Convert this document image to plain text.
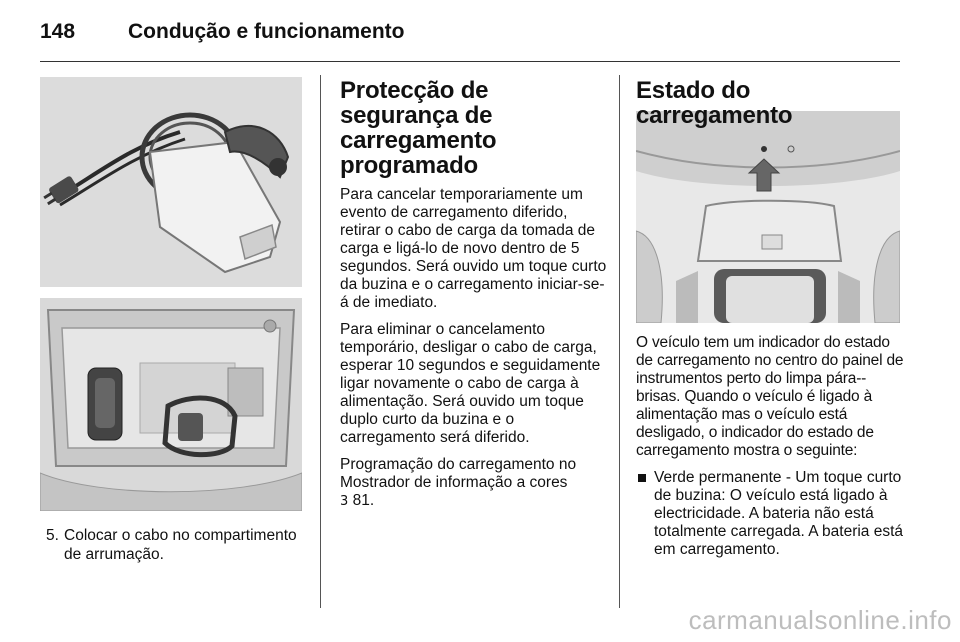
148	Condução e funcionamento
5. Colocar o cabo no compartimento de arrumação.
Protecção de segurança de carregamento programado

Para cancelar temporariamente um evento de carregamento diferido, retirar o cabo de carga da tomada de carga e ligá-lo de novo dentro de 5 segundos. Será ouvido um toque curto da buzina e o carregamento iniciar-se-á de imediato.

Para eliminar o cancelamento temporário, desligar o cabo de carga, esperar 10 segundos e seguidamente ligar novamente o cabo de carga à alimentação. Será ouvido um toque duplo curto da buzina e o carregamento será diferido.

Programação do carregamento no Mostrador de informação a cores
3 81.

Estado do carregamento

O veículo tem um indicador do estado de carregamento no centro do painel de instrumentos perto do limpa pára--brisas. Quando o veículo é ligado à alimentação mas o veículo está desligado, o indicador do estado de carregamento mostra o seguinte:

Verde permanente - Um toque curto de buzina: O veículo está ligado à electricidade. A bateria não está totalmente carregada. A bateria está em carregamento.
carmanualsonline.info
